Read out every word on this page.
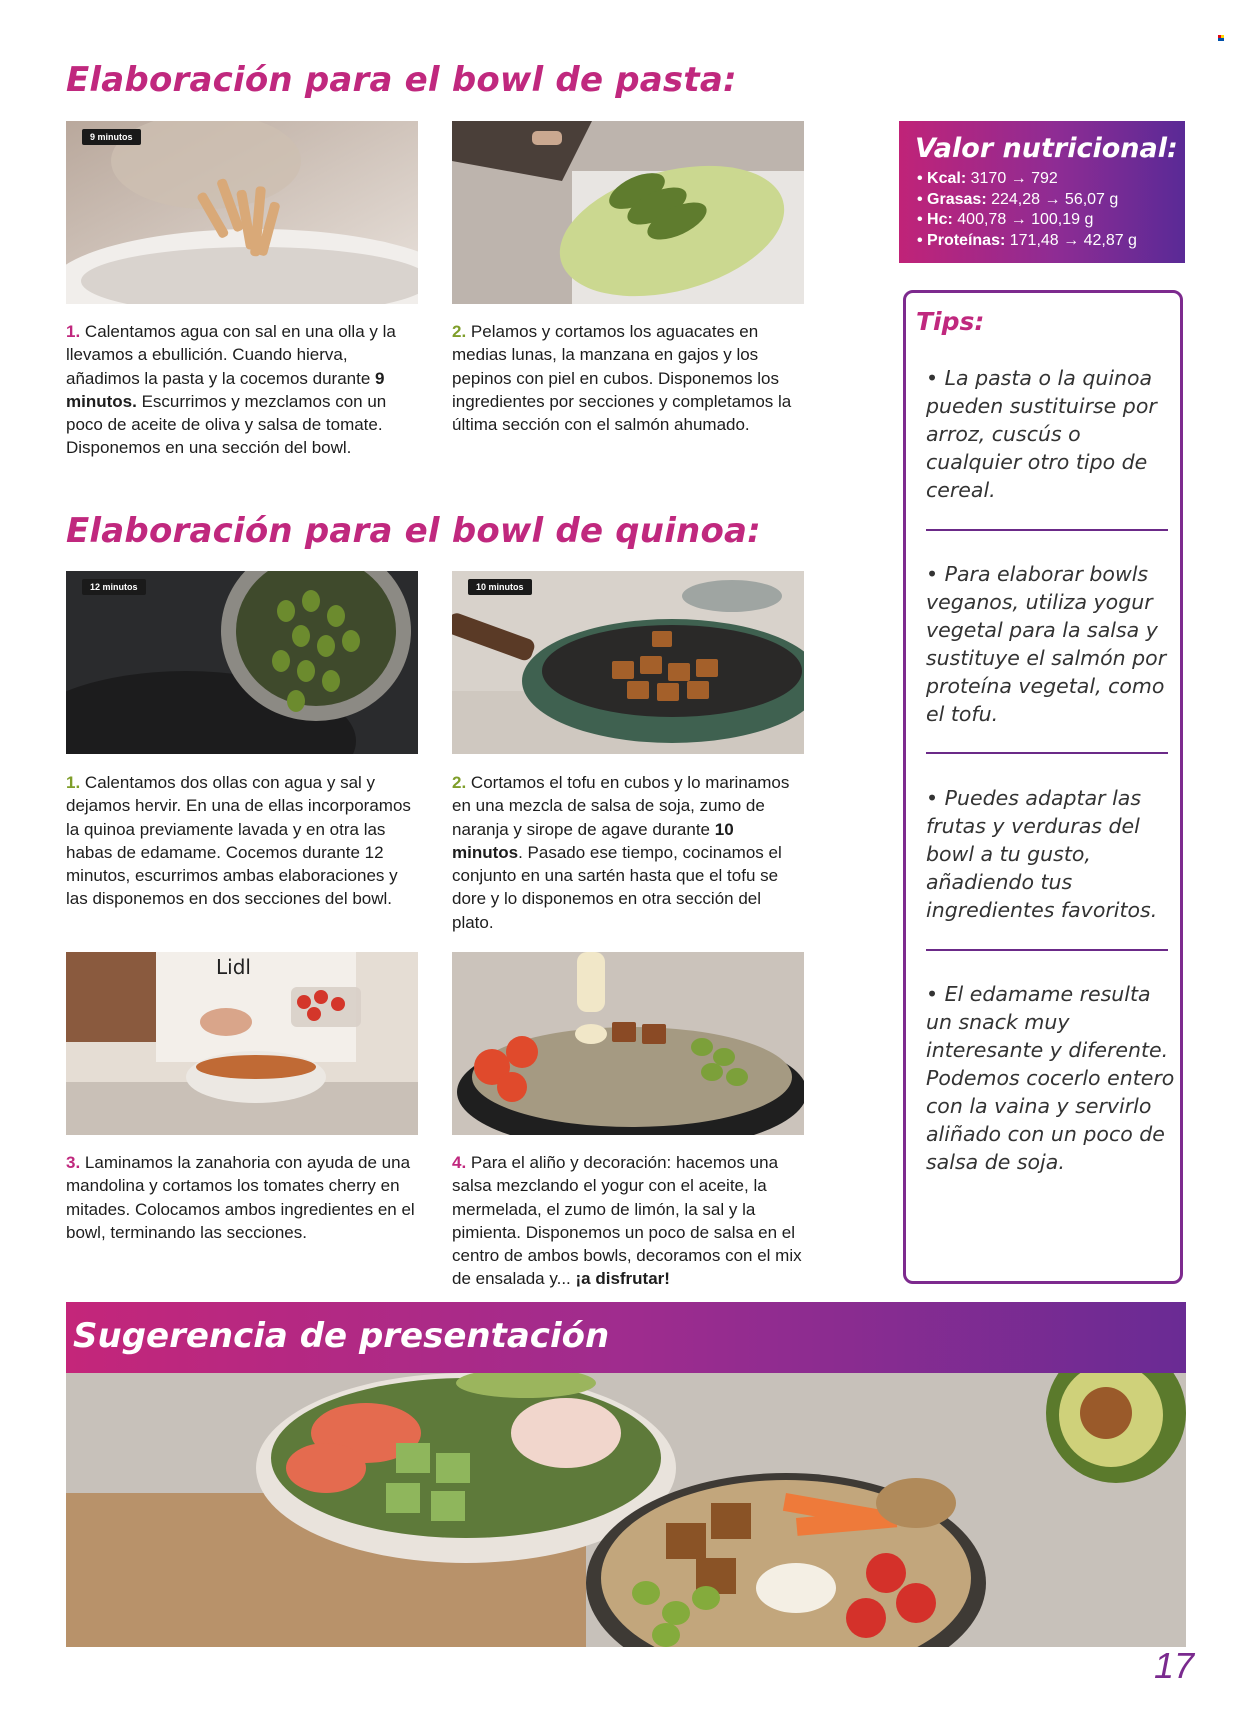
Elaboración para el bowl de pasta:
9 minutos

1. Calentamos agua con sal en una olla y la llevamos a ebullición. Cuando hierva, añadimos la pasta y la cocemos durante 9 minutos. Escurrimos y mezclamos con un poco de aceite de oliva y salsa de tomate. Disponemos en una sección del bowl.

2. Pelamos y cortamos los aguacates en medias lunas, la manzana en gajos y los pepinos con piel en cubos. Disponemos los ingredientes por secciones y completamos la última sección con el salmón ahumado.

Elaboración para el bowl de quinoa:
12 minutos	10 minutos

1. Calentamos dos ollas con agua y sal y dejamos hervir. En una de ellas incorporamos la quinoa previamente lavada y en otra las habas de edamame. Cocemos durante 12 minutos, escurrimos ambas elaboraciones y las disponemos en dos secciones del bowl.

2. Cortamos el tofu en cubos y lo marinamos en una mezcla de salsa de soja, zumo de naranja y sirope de agave durante 10 minutos. Pasado ese tiempo, cocinamos el conjunto en una sartén hasta que el tofu se dore y lo disponemos en otra sección del plato.

Lidl

3. Laminamos la zanahoria con ayuda de una mandolina y cortamos los tomates cherry en mitades. Colocamos ambos ingredientes en el bowl, terminando las secciones.

4. Para el aliño y decoración: hacemos una salsa mezclando el yogur con el aceite, la mermelada, el zumo de limón, la sal y la pimienta. Disponemos un poco de salsa en el centro de ambos bowls, decoramos con el mix de ensalada y... ¡a disfrutar!

Valor nutricional:
• Kcal: 3170 → 792
• Grasas: 224,28 → 56,07 g
• Hc: 400,78 → 100,19 g
• Proteínas: 171,48 → 42,87 g
Tips:

• La pasta o la quinoa pueden sustituirse por arroz, cuscús o cualquier otro tipo de cereal.

• Para elaborar bowls veganos, utiliza yogur vegetal para la salsa y sustituye el salmón por proteína vegetal, como el tofu.

• Puedes adaptar las frutas y verduras del bowl a tu gusto, añadiendo tus ingredientes favoritos.

• El edamame resulta un snack muy interesante y diferente. Podemos cocerlo entero con la vaina y servirlo aliñado con un poco de salsa de soja.

Sugerencia de presentación
17
